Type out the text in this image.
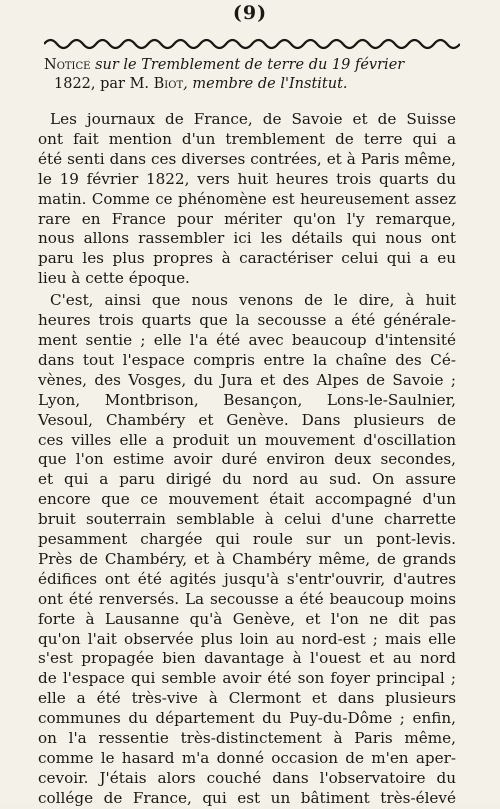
(9)
Notice sur le Tremblement de terre du 19 février
1822, par M. Biot, membre de l'Institut.
Les journaux de France, de Savoie et de Suisse
ont fait mention d'un tremblement de terre qui a
été senti dans ces diverses contrées, et à Paris même,
le 19 février 1822, vers huit heures trois quarts du
matin. Comme ce phénomène est heureusement assez
rare en France pour mériter qu'on l'y remarque,
nous allons rassembler ici les détails qui nous ont
paru les plus propres à caractériser celui qui a eu
lieu à cette époque.
C'est, ainsi que nous venons de le dire, à huit
heures trois quarts que la secousse a été générale-
ment sentie ; elle l'a été avec beaucoup d'intensité
dans tout l'espace compris entre la chaîne des Cé-
vènes, des Vosges, du Jura et des Alpes de Savoie ;
Lyon, Montbrison, Besançon, Lons-le-Saulnier,
Vesoul, Chambéry et Genève. Dans plusieurs de
ces villes elle a produit un mouvement d'oscillation
que l'on estime avoir duré environ deux secondes,
et qui a paru dirigé du nord au sud. On assure
encore que ce mouvement était accompagné d'un
bruit souterrain semblable à celui d'une charrette
pesamment chargée qui roule sur un pont-levis.
Près de Chambéry, et à Chambéry même, de grands
édifices ont été agités jusqu'à s'entr'ouvrir, d'autres
ont été renversés. La secousse a été beaucoup moins
forte à Lausanne qu'à Genève, et l'on ne dit pas
qu'on l'ait observée plus loin au nord-est ; mais elle
s'est propagée bien davantage à l'ouest et au nord
de l'espace qui semble avoir été son foyer principal ;
elle a été très-vive à Clermont et dans plusieurs
communes du département du Puy-du-Dôme ; enfin,
on l'a ressentie très-distinctement à Paris même,
comme le hasard m'a donné occasion de m'en aper-
cevoir. J'étais alors couché dans l'observatoire du
collége de France, qui est un bâtiment très-élevé
